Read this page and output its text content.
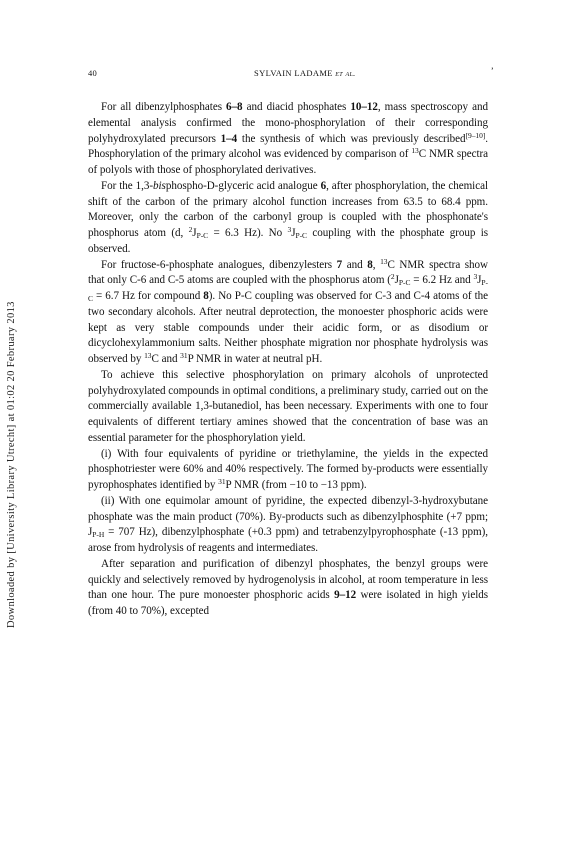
Downloaded by [University Library Utrecht] at 01:02 20 February 2013
40	SYLVAIN LADAME et al.	ʼ

For all dibenzylphosphates 6–8 and diacid phosphates 10–12, mass spectroscopy and elemental analysis confirmed the mono-phosphorylation of their corresponding polyhydroxylated precursors 1–4 the synthesis of which was previously described[9–10]. Phosphorylation of the primary alcohol was evidenced by comparison of $^{13}$C NMR spectra of polyols with those of phosphorylated derivatives.

For the 1,3-bisphospho-D-glyceric acid analogue 6, after phosphorylation, the chemical shift of the carbon of the primary alcohol function increases from 63.5 to 68.4 ppm. Moreover, only the carbon of the carbonyl group is coupled with the phosphonate's phosphorus atom (d, $^2J_{P-C} = 6.3$ Hz). No $^3J_{P-C}$ coupling with the phosphate group is observed.

For fructose-6-phosphate analogues, dibenzylesters 7 and 8, $^{13}$C NMR spectra show that only C-6 and C-5 atoms are coupled with the phosphorus atom ($^2J_{P-C} = 6.2$ Hz and $^3J_{P-C} = 6.7$ Hz for compound 8). No P-C coupling was observed for C-3 and C-4 atoms of the two secondary alcohols. After neutral deprotection, the monoester phosphoric acids were kept as very stable compounds under their acidic form, or as disodium or dicyclohexylammonium salts. Neither phosphate migration nor phosphate hydrolysis was observed by $^{13}$C and $^{31}$P NMR in water at neutral pH.

To achieve this selective phosphorylation on primary alcohols of unprotected polyhydroxylated compounds in optimal conditions, a preliminary study, carried out on the commercially available 1,3-butanediol, has been necessary. Experiments with one to four equivalents of different tertiary amines showed that the concentration of base was an essential parameter for the phosphorylation yield.

(i) With four equivalents of pyridine or triethylamine, the yields in the expected phosphotriester were 60% and 40% respectively. The formed by-products were essentially pyrophosphates identified by $^{31}$P NMR (from −10 to −13 ppm).

(ii) With one equimolar amount of pyridine, the expected dibenzyl-3-hydroxybutane phosphate was the main product (70%). By-products such as dibenzylphosphite (+7 ppm; $J_{P-H} = 707$ Hz), dibenzylphosphate (+0.3 ppm) and tetrabenzylpyrophosphate (-13 ppm), arose from hydrolysis of reagents and intermediates.

After separation and purification of dibenzyl phosphates, the benzyl groups were quickly and selectively removed by hydrogenolysis in alcohol, at room temperature in less than one hour. The pure monoester phosphoric acids 9–12 were isolated in high yields (from 40 to 70%), excepted
